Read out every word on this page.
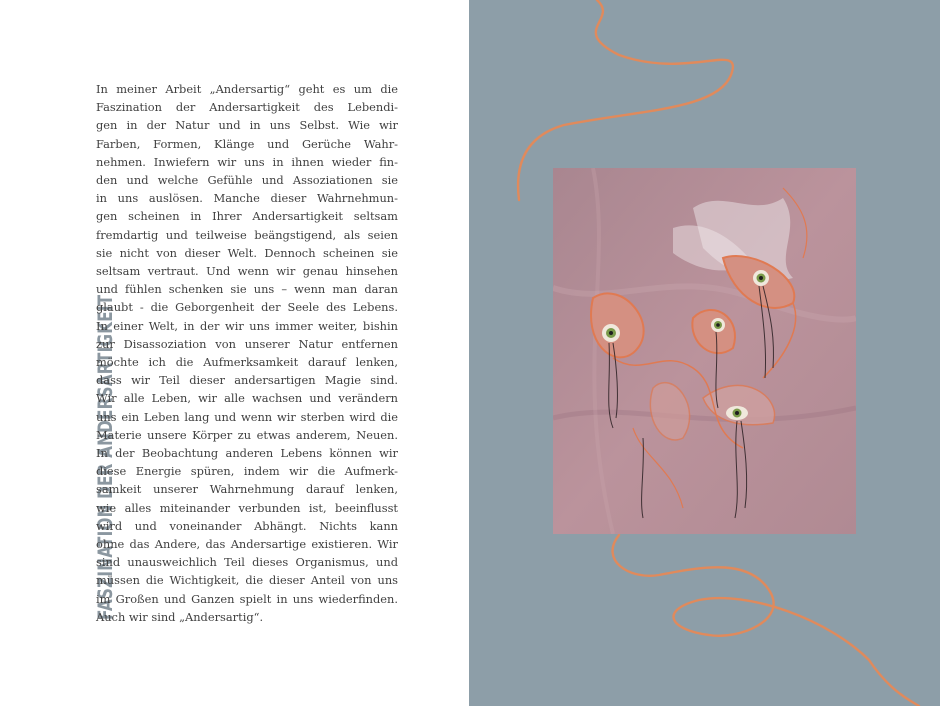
FASZINATION DER ANDERSARTIGKEIT
In meiner Arbeit „Andersartig“ geht es um die
Faszination der Andersartigkeit des Lebendi-
gen in der Natur und in uns Selbst. Wie wir
Farben, Formen, Klänge und Gerüche Wahr-
nehmen. Inwiefern wir uns in ihnen wieder fin-
den und welche Gefühle und Assoziationen sie
in uns auslösen. Manche dieser Wahrnehmun-
gen scheinen in Ihrer Andersartigkeit seltsam
fremdartig und teilweise beängstigend, als seien
sie nicht von dieser Welt. Dennoch scheinen sie
seltsam vertraut. Und wenn wir genau hinsehen
und fühlen schenken sie uns – wenn man daran
glaubt - die Geborgenheit der Seele des Lebens.
In einer Welt, in der wir uns immer weiter, bishin
zur Disassoziation von unserer Natur entfernen
möchte ich die Aufmerksamkeit darauf lenken,
dass wir Teil dieser andersartigen Magie sind.
Wir alle Leben, wir alle wachsen und verändern
uns ein Leben lang und wenn wir sterben wird die
Materie unsere Körper zu etwas anderem, Neuen.
In der Beobachtung anderen Lebens können wir
diese Energie spüren, indem wir die Aufmerk-
samkeit unserer Wahrnehmung darauf lenken,
wie alles miteinander verbunden ist, beeinflusst
wird und voneinander Abhängt. Nichts kann
ohne das Andere, das Andersartige existieren. Wir
sind unausweichlich Teil dieses Organismus, und
müssen die Wichtigkeit, die dieser Anteil von uns
im Großen und Ganzen spielt in uns wiederfinden.
Auch wir sind „Andersartig“.
